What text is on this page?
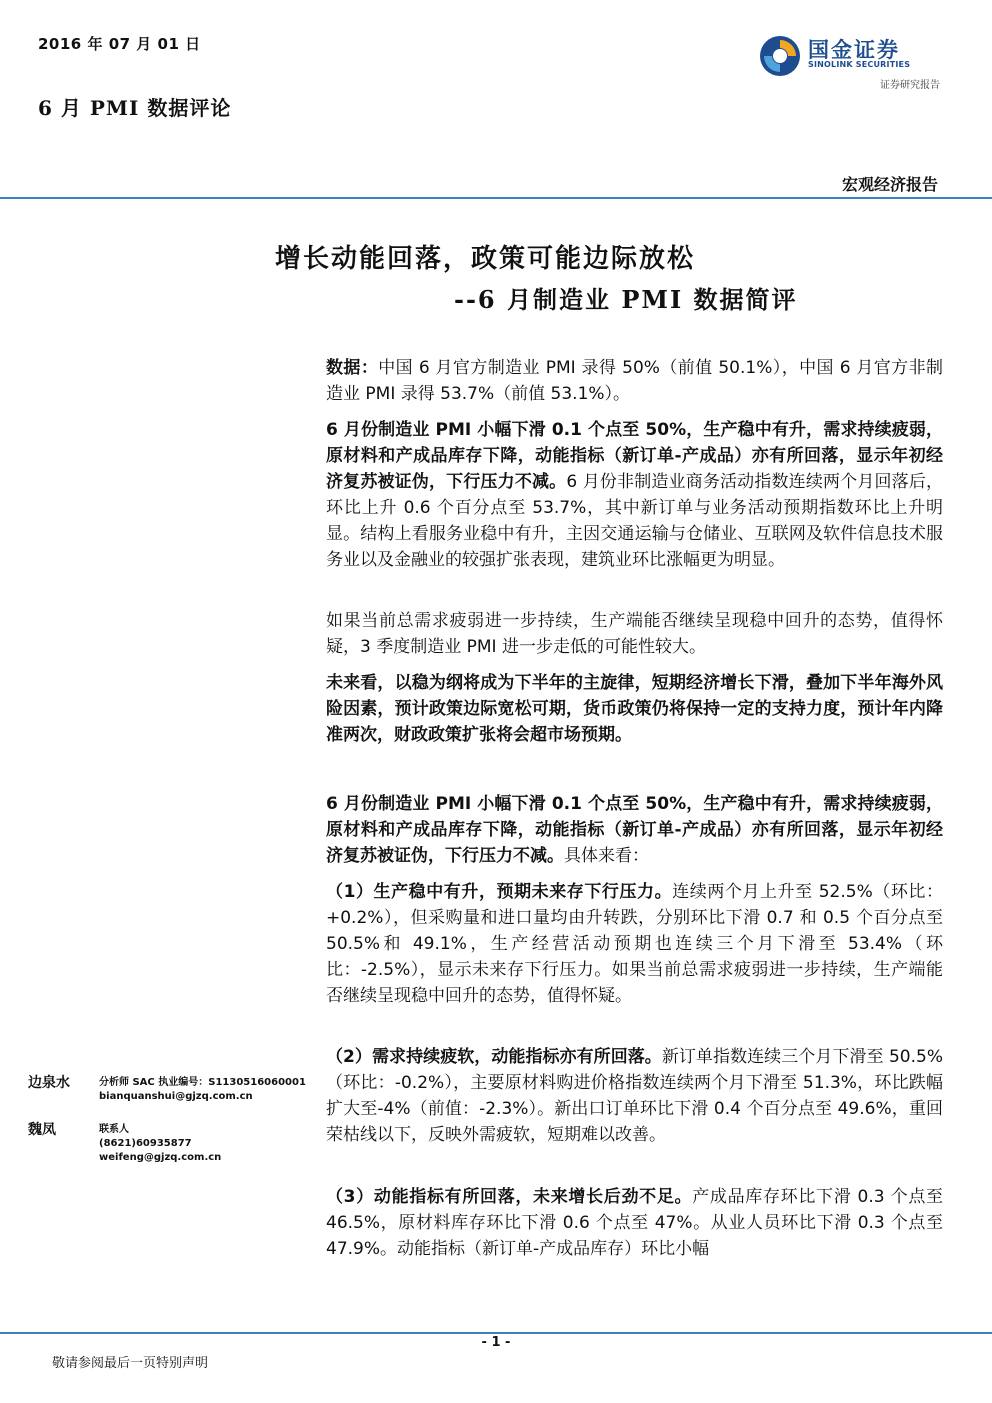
2016 年 07 月 01 日
6 月 PMI 数据评论
国金证券
SINOLINK SECURITIES
证券研究报告
宏观经济报告
增长动能回落，政策可能边际放松
--6 月制造业 PMI 数据简评

数据：中国 6 月官方制造业 PMI 录得 50%（前值 50.1%），中国 6 月官方非制造业 PMI 录得 53.7%（前值 53.1%）。

6 月份制造业 PMI 小幅下滑 0.1 个点至 50%，生产稳中有升，需求持续疲弱，原材料和产成品库存下降，动能指标（新订单-产成品）亦有所回落，显示年初经济复苏被证伪，下行压力不减。6 月份非制造业商务活动指数连续两个月回落后，环比上升 0.6 个百分点至 53.7%，其中新订单与业务活动预期指数环比上升明显。结构上看服务业稳中有升，主因交通运输与仓储业、互联网及软件信息技术服务业以及金融业的较强扩张表现，建筑业环比涨幅更为明显。

如果当前总需求疲弱进一步持续，生产端能否继续呈现稳中回升的态势，值得怀疑，3 季度制造业 PMI 进一步走低的可能性较大。

未来看，以稳为纲将成为下半年的主旋律，短期经济增长下滑，叠加下半年海外风险因素，预计政策边际宽松可期，货币政策仍将保持一定的支持力度，预计年内降准两次，财政政策扩张将会超市场预期。

6 月份制造业 PMI 小幅下滑 0.1 个点至 50%，生产稳中有升，需求持续疲弱，原材料和产成品库存下降，动能指标（新订单-产成品）亦有所回落，显示年初经济复苏被证伪，下行压力不减。具体来看：

（1）生产稳中有升，预期未来存下行压力。连续两个月上升至 52.5%（环比：+0.2%），但采购量和进口量均由升转跌，分别环比下滑 0.7 和 0.5 个百分点至 50.5%和 49.1%，生产经营活动预期也连续三个月下滑至 53.4%（环比：-2.5%），显示未来存下行压力。如果当前总需求疲弱进一步持续，生产端能否继续呈现稳中回升的态势，值得怀疑。

（2）需求持续疲软，动能指标亦有所回落。新订单指数连续三个月下滑至 50.5%（环比：-0.2%），主要原材料购进价格指数连续两个月下滑至 51.3%，环比跌幅扩大至-4%（前值：-2.3%）。新出口订单环比下滑 0.4 个百分点至 49.6%，重回荣枯线以下，反映外需疲软，短期难以改善。

（3）动能指标有所回落，未来增长后劲不足。产成品库存环比下滑 0.3 个点至 46.5%，原材料库存环比下滑 0.6 个点至 47%。从业人员环比下滑 0.3 个点至 47.9%。动能指标（新订单-产成品库存）环比小幅

边泉水	分析师 SAC 执业编号：S1130516060001
bianquanshui@gjzq.com.cn
魏凤	联系人
(8621)60935877
weifeng@gjzq.com.cn
- 1 -
敬请参阅最后一页特别声明
